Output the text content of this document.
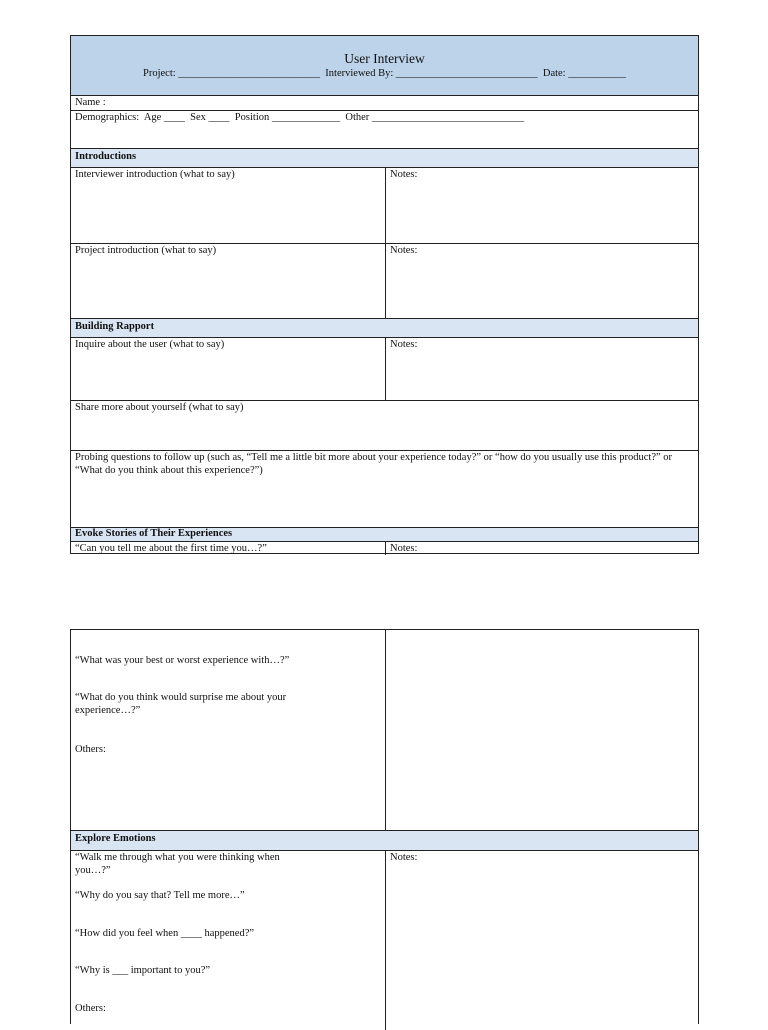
User Interview
Project: ___________________________ Interviewed By: ___________________________ Date: ___________
Name :
Demographics:  Age ____  Sex ____  Position _____________  Other _____________________________
Introductions
Interviewer introduction (what to say)	Notes:
Project introduction (what to say)	Notes:
Building Rapport
Inquire about the user (what to say)	Notes:
Share more about yourself (what to say)
Probing questions to follow up (such as, “Tell me a little bit more about your experience today?” or “how do you usually use this product?” or “What do you think about this experience?”)
Evoke Stories of Their Experiences
“Can you tell me about the first time you…?”	Notes:
“What was your best or worst experience with…?”
“What do you think would surprise me about your experience…?”
Others:
Explore Emotions
“Walk me through what you were thinking when you…?”
“Why do you say that? Tell me more…”
“How did you feel when ____ happened?”
“Why is ___ important to you?”
Others:
Notes:
